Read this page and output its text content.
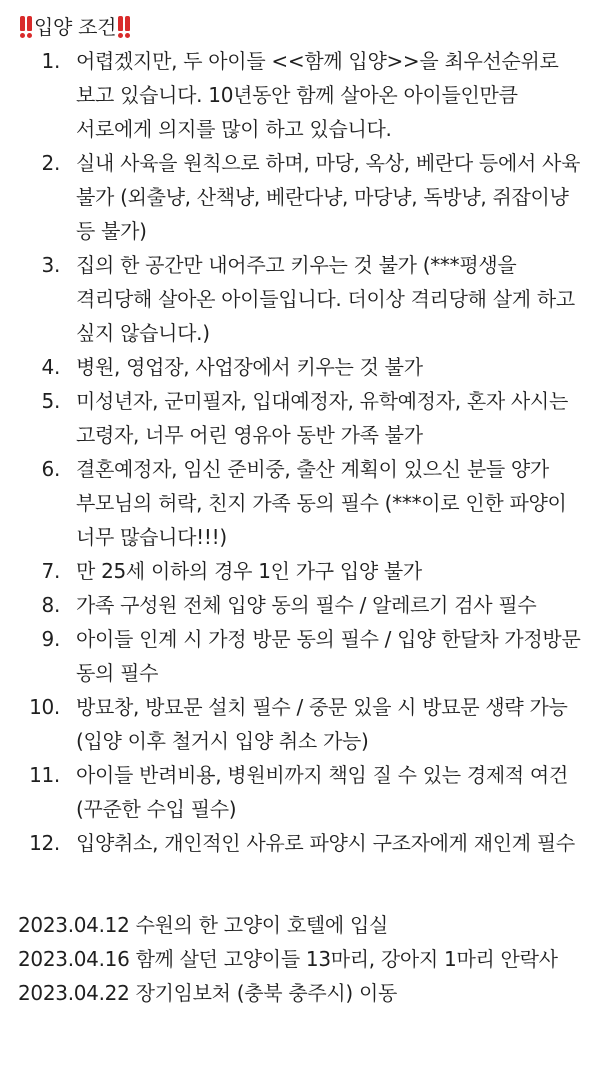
입양 조건
1. 어렵겠지만, 두 아이들 <<함께 입양>>을 최우선순위로 보고 있습니다. 10년동안 함께 살아온 아이들인만큼 서로에게 의지를 많이 하고 있습니다.
2. 실내 사육을 원칙으로 하며, 마당, 옥상, 베란다 등에서 사육 불가 (외출냥, 산책냥, 베란다냥, 마당냥, 독방냥, 쥐잡이냥 등 불가)
3. 집의 한 공간만 내어주고 키우는 것 불가 (***평생을 격리당해 살아온 아이들입니다. 더이상 격리당해 살게 하고 싶지 않습니다.)
4. 병원, 영업장, 사업장에서 키우는 것 불가
5. 미성년자, 군미필자, 입대예정자, 유학예정자, 혼자 사시는 고령자, 너무 어린 영유아 동반 가족 불가
6. 결혼예정자, 임신 준비중, 출산 계획이 있으신 분들 양가 부모님의 허락, 친지 가족 동의 필수 (***이로 인한 파양이 너무 많습니다!!!)
7. 만 25세 이하의 경우 1인 가구 입양 불가
8. 가족 구성원 전체 입양 동의 필수 / 알레르기 검사 필수
9. 아이들 인계 시 가정 방문 동의 필수 / 입양 한달차 가정방문 동의 필수
10. 방묘창, 방묘문 설치 필수 / 중문 있을 시 방묘문 생략 가능 (입양 이후 철거시 입양 취소 가능)
11. 아이들 반려비용, 병원비까지 책임 질 수 있는 경제적 여건 (꾸준한 수입 필수)
12. 입양취소, 개인적인 사유로 파양시 구조자에게 재인계 필수
2023.04.12 수원의 한 고양이 호텔에 입실
2023.04.16 함께 살던 고양이들 13마리, 강아지 1마리 안락사
2023.04.22 장기임보처 (충북 충주시) 이동
